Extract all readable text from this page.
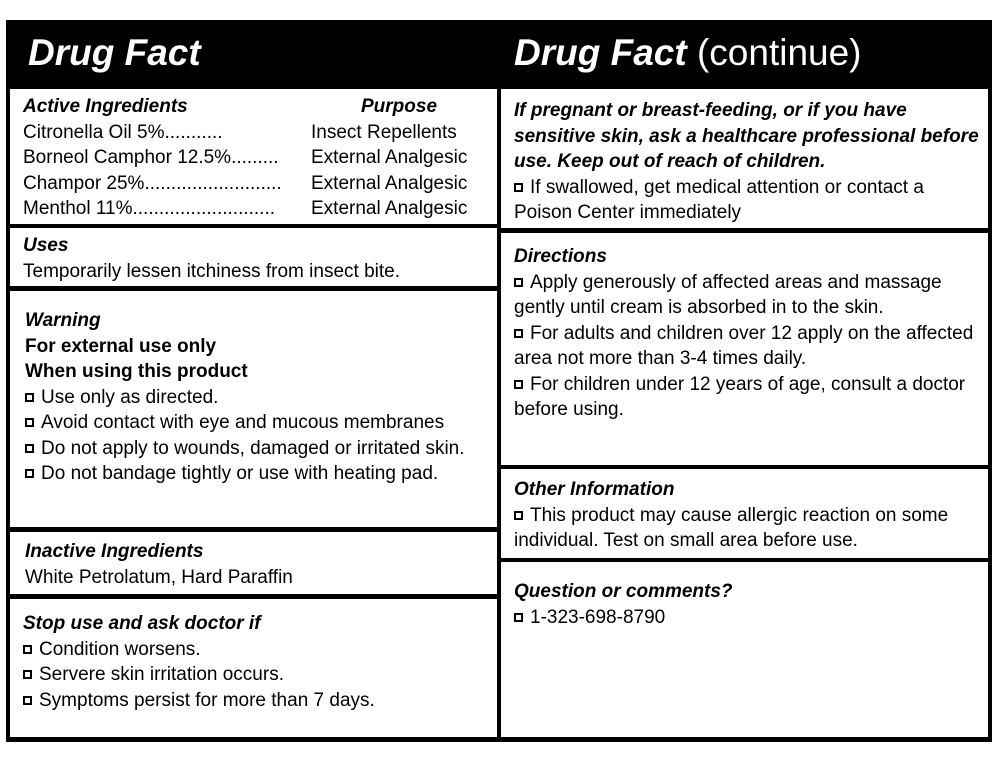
Drug Fact	Drug Fact (continue)
Active Ingredients	Purpose
Citronella Oil 5%...........	Insect Repellents
Borneol Camphor 12.5%.........	External Analgesic
Champor 25%..........................	External Analgesic
Menthol 11%...........................	External Analgesic
Uses
Temporarily lessen itchiness from insect bite.
Warning
For external use only
When using this product
Use only as directed.
Avoid contact with eye and mucous membranes
Do not apply to wounds, damaged or irritated skin.
Do not bandage tightly or use with heating pad.
Inactive Ingredients
White Petrolatum, Hard Paraffin
Stop use and ask doctor if
Condition worsens.
Servere skin irritation occurs.
Symptoms persist for more than 7 days.
If pregnant or breast-feeding, or if you have sensitive skin, ask a healthcare professional before use. Keep out of reach of children.
If swallowed, get medical attention or contact a Poison Center immediately
Directions
Apply generously of affected areas and massage gently until cream is absorbed in to the skin.
For adults and children over 12 apply on the affected area not more than 3-4 times daily.
For children under 12 years of age, consult a doctor before using.
Other Information
This product may cause allergic reaction on some individual. Test on small area before use.
Question or comments?
1-323-698-8790
